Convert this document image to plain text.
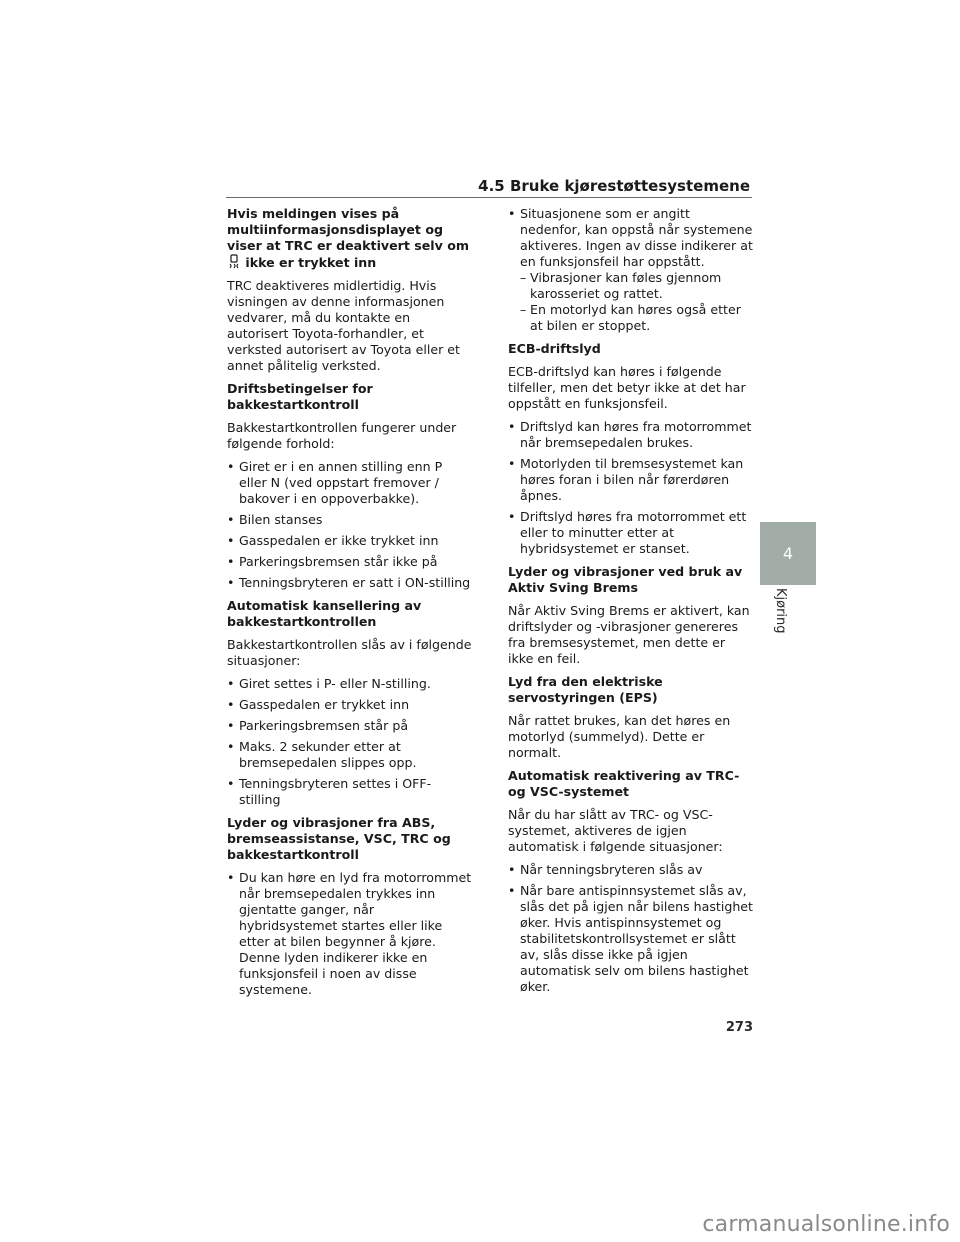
4.5 Bruke kjørestøttesystemene
Hvis meldingen vises på multiinformasjonsdisplayet og viser at TRC er deaktivert selv om  ikke er trykket inn

TRC deaktiveres midlertidig. Hvis visningen av denne informasjonen vedvarer, må du kontakte en autorisert Toyota-forhandler, et verksted autorisert av Toyota eller et annet pålitelig verksted.

Driftsbetingelser for bakkestartkontroll

Bakkestartkontrollen fungerer under følgende forhold:

• Giret er i en annen stilling enn P eller N (ved oppstart fremover / bakover i en oppoverbakke).
• Bilen stanses
• Gasspedalen er ikke trykket inn
• Parkeringsbremsen står ikke på
• Tenningsbryteren er satt i ON-stilling
Automatisk kansellering av bakkestartkontrollen

Bakkestartkontrollen slås av i følgende situasjoner:

• Giret settes i P- eller N-stilling.
• Gasspedalen er trykket inn
• Parkeringsbremsen står på
• Maks. 2 sekunder etter at bremsepedalen slippes opp.
• Tenningsbryteren settes i OFF-stilling
Lyder og vibrasjoner fra ABS, bremseassistanse, VSC, TRC og bakkestartkontroll
• Du kan høre en lyd fra motorrommet når bremsepedalen trykkes inn gjentatte ganger, når hybridsystemet startes eller like etter at bilen begynner å kjøre. Denne lyden indikerer ikke en funksjonsfeil i noen av disse systemene.
• Situasjonene som er angitt nedenfor, kan oppstå når systemene aktiveres. Ingen av disse indikerer at en funksjonsfeil har oppstått.
– Vibrasjoner kan føles gjennom karosseriet og rattet.
– En motorlyd kan høres også etter at bilen er stoppet.
ECB-driftslyd

ECB-driftslyd kan høres i følgende tilfeller, men det betyr ikke at det har oppstått en funksjonsfeil.

• Driftslyd kan høres fra motorrommet når bremsepedalen brukes.
• Motorlyden til bremsesystemet kan høres foran i bilen når førerdøren åpnes.
• Driftslyd høres fra motorrommet ett eller to minutter etter at hybridsystemet er stanset.
Lyder og vibrasjoner ved bruk av Aktiv Sving Brems

Når Aktiv Sving Brems er aktivert, kan driftslyder og -vibrasjoner genereres fra bremsesystemet, men dette er ikke en feil.

Lyd fra den elektriske servostyringen (EPS)

Når rattet brukes, kan det høres en motorlyd (summelyd). Dette er normalt.

Automatisk reaktivering av TRC- og VSC-systemet

Når du har slått av TRC- og VSC-systemet, aktiveres de igjen automatisk i følgende situasjoner:

• Når tenningsbryteren slås av
• Når bare antispinnsystemet slås av, slås det på igjen når bilens hastighet øker. Hvis antispinnsystemet og stabilitetskontrollsystemet er slått av, slås disse ikke på igjen automatisk selv om bilens hastighet øker.
4
Kjøring
273
carmanualsonline.info
